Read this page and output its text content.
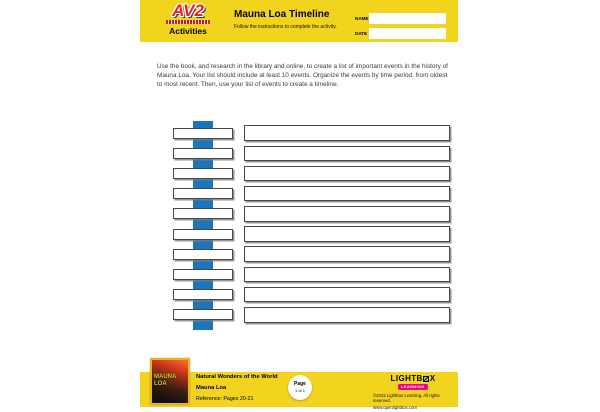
AV2
Activities
Mauna Loa Timeline
Follow the instructions to complete the activity.
NAME
DATE
Use the book, and research in the library and online, to create a list of important events in the history of Mauna Loa. Your list should include at least 10 events. Organize the events by time period, from oldest to most recent. Then, use your list of events to create a timeline.
MAUNA
LOA
Natural Wonders of the World
Mauna Loa
Reference: Pages 20-21
Page
1 of 1
LIGHTB X
LEARNING
©2022 Lightbox Learning. All rights reserved.
www.openlightbox.com
